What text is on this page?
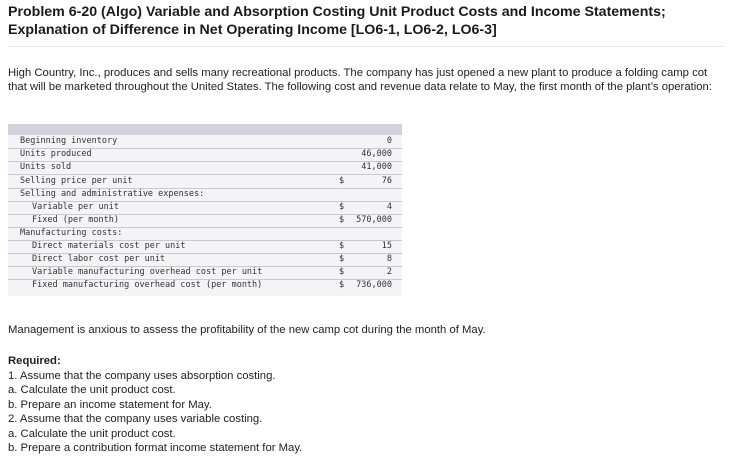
Problem 6-20 (Algo) Variable and Absorption Costing Unit Product Costs and Income Statements; Explanation of Difference in Net Operating Income [LO6-1, LO6-2, LO6-3]
High Country, Inc., produces and sells many recreational products. The company has just opened a new plant to produce a folding camp cot that will be marketed throughout the United States. The following cost and revenue data relate to May, the first month of the plant’s operation:
Beginning inventory	0
Units produced	46,000
Units sold	41,000
Selling price per unit	$	76
Selling and administrative expenses:
Variable per unit	$	4
Fixed (per month)	$ 570,000
Manufacturing costs:
Direct materials cost per unit	$	15
Direct labor cost per unit	$	8
Variable manufacturing overhead cost per unit	$	2
Fixed manufacturing overhead cost (per month)	$ 736,000
Management is anxious to assess the profitability of the new camp cot during the month of May.
Required:
1. Assume that the company uses absorption costing.
a. Calculate the unit product cost.
b. Prepare an income statement for May.
2. Assume that the company uses variable costing.
a. Calculate the unit product cost.
b. Prepare a contribution format income statement for May.
